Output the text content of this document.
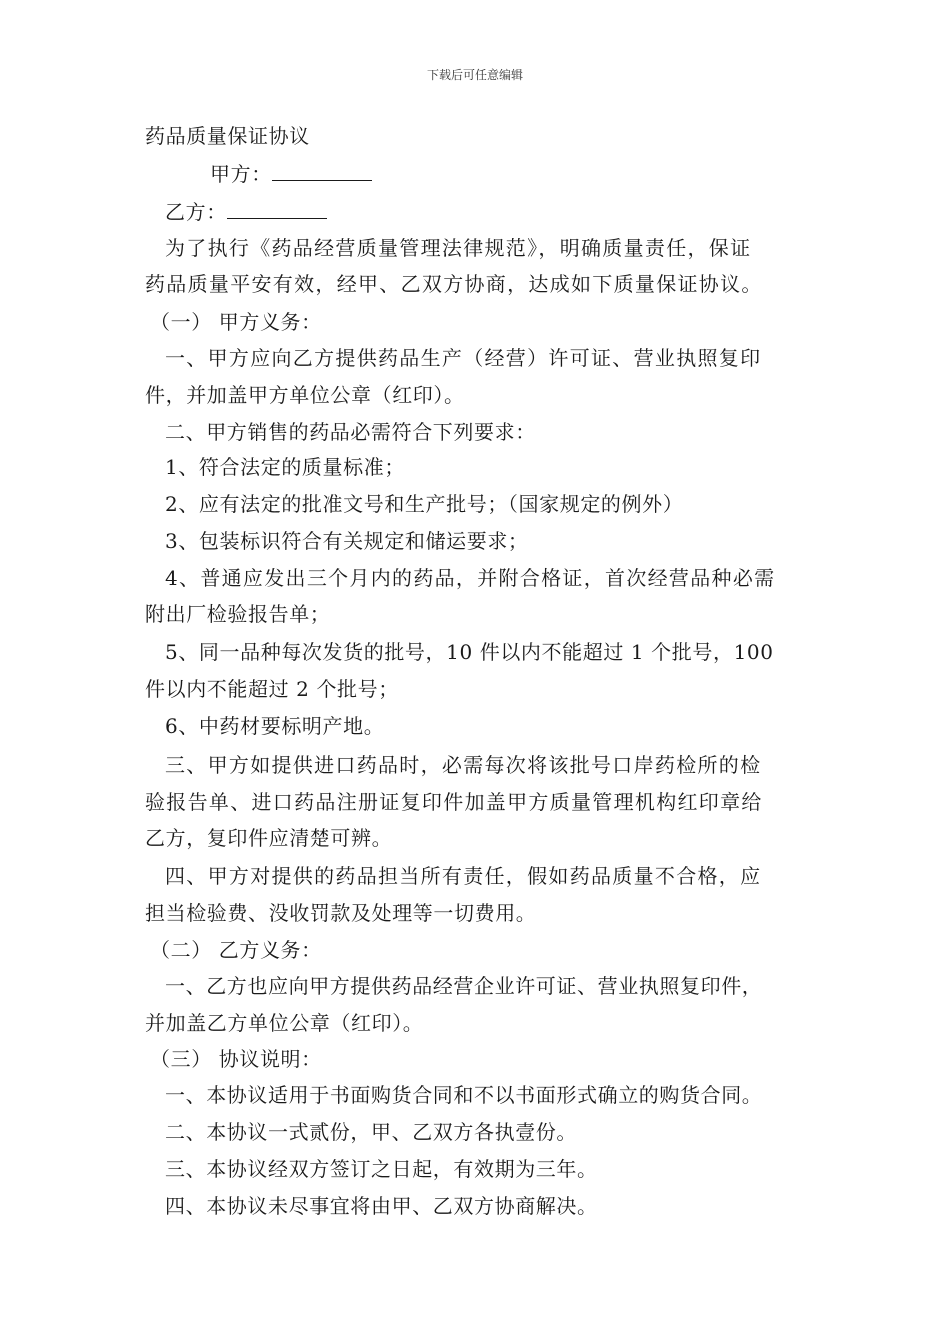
下载后可任意编辑
药品质量保证协议
甲方：
乙方：
为了执行《药品经营质量管理法律规范》，明确质量责任，保证
药品质量平安有效，经甲、乙双方协商，达成如下质量保证协议。
（一） 甲方义务：
一、甲方应向乙方提供药品生产（经营）许可证、营业执照复印
件，并加盖甲方单位公章（红印）。
二、甲方销售的药品必需符合下列要求：
1、符合法定的质量标准；
2、应有法定的批准文号和生产批号；（国家规定的例外）
3、包装标识符合有关规定和储运要求；
4、普通应发出三个月内的药品，并附合格证，首次经营品种必需
附出厂检验报告单；
5、同一品种每次发货的批号，10 件以内不能超过 1 个批号，100
件以内不能超过 2 个批号；
6、中药材要标明产地。
三、甲方如提供进口药品时，必需每次将该批号口岸药检所的检
验报告单、进口药品注册证复印件加盖甲方质量管理机构红印章给
乙方，复印件应清楚可辨。
四、甲方对提供的药品担当所有责任，假如药品质量不合格，应
担当检验费、没收罚款及处理等一切费用。
（二） 乙方义务：
一、乙方也应向甲方提供药品经营企业许可证、营业执照复印件，
并加盖乙方单位公章（红印）。
（三） 协议说明：
一、本协议适用于书面购货合同和不以书面形式确立的购货合同。
二、本协议一式贰份，甲、乙双方各执壹份。
三、本协议经双方签订之日起，有效期为三年。
四、本协议未尽事宜将由甲、乙双方协商解决。
